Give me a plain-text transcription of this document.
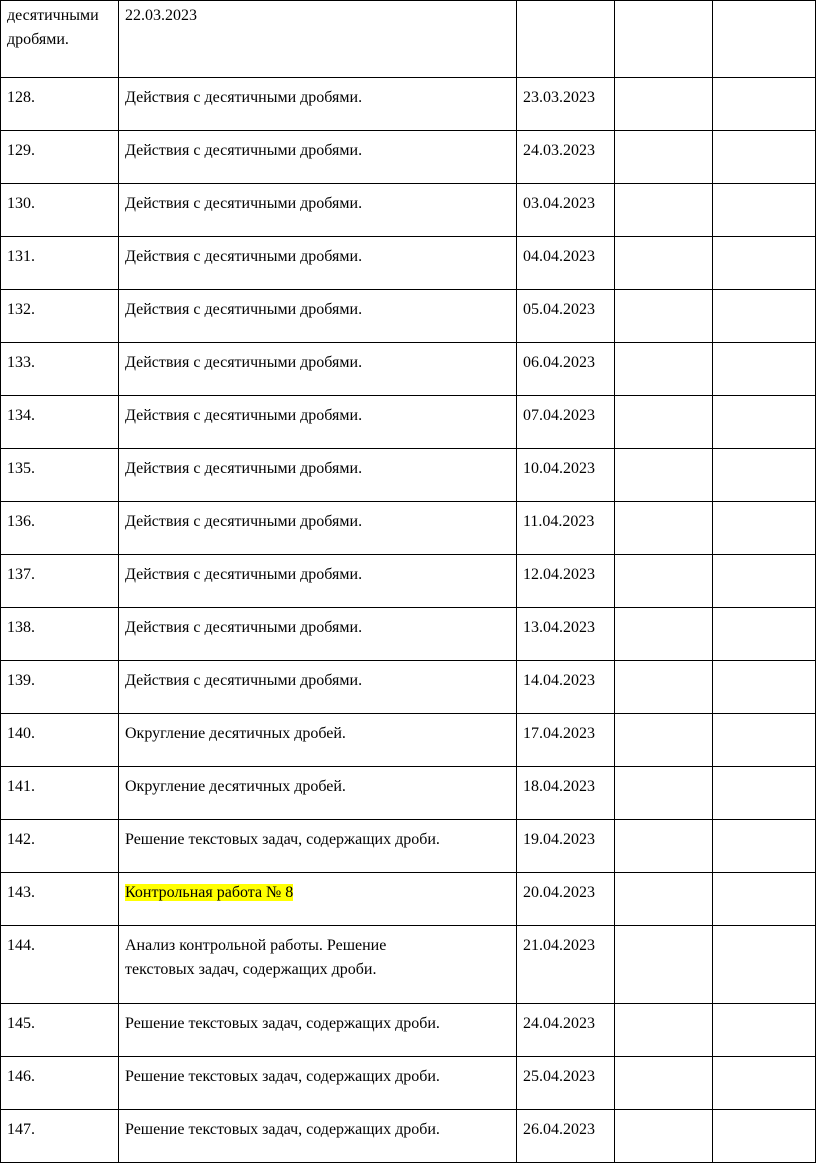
десятичными дробями.	22.03.2023			
128.	Действия с десятичными дробями.	23.03.2023		
129.	Действия с десятичными дробями.	24.03.2023		
130.	Действия с десятичными дробями.	03.04.2023		
131.	Действия с десятичными дробями.	04.04.2023		
132.	Действия с десятичными дробями.	05.04.2023		
133.	Действия с десятичными дробями.	06.04.2023		
134.	Действия с десятичными дробями.	07.04.2023		
135.	Действия с десятичными дробями.	10.04.2023		
136.	Действия с десятичными дробями.	11.04.2023		
137.	Действия с десятичными дробями.	12.04.2023		
138.	Действия с десятичными дробями.	13.04.2023		
139.	Действия с десятичными дробями.	14.04.2023		
140.	Округление десятичных дробей.	17.04.2023		
141.	Округление десятичных дробей.	18.04.2023		
142.	Решение текстовых задач, содержащих дроби.	19.04.2023		
143.	Контрольная работа № 8	20.04.2023		
144.	Анализ контрольной работы. Решение текстовых задач, содержащих дроби.	21.04.2023		
145.	Решение текстовых задач, содержащих дроби.	24.04.2023		
146.	Решение текстовых задач, содержащих дроби.	25.04.2023		
147.	Решение текстовых задач, содержащих дроби.	26.04.2023		
